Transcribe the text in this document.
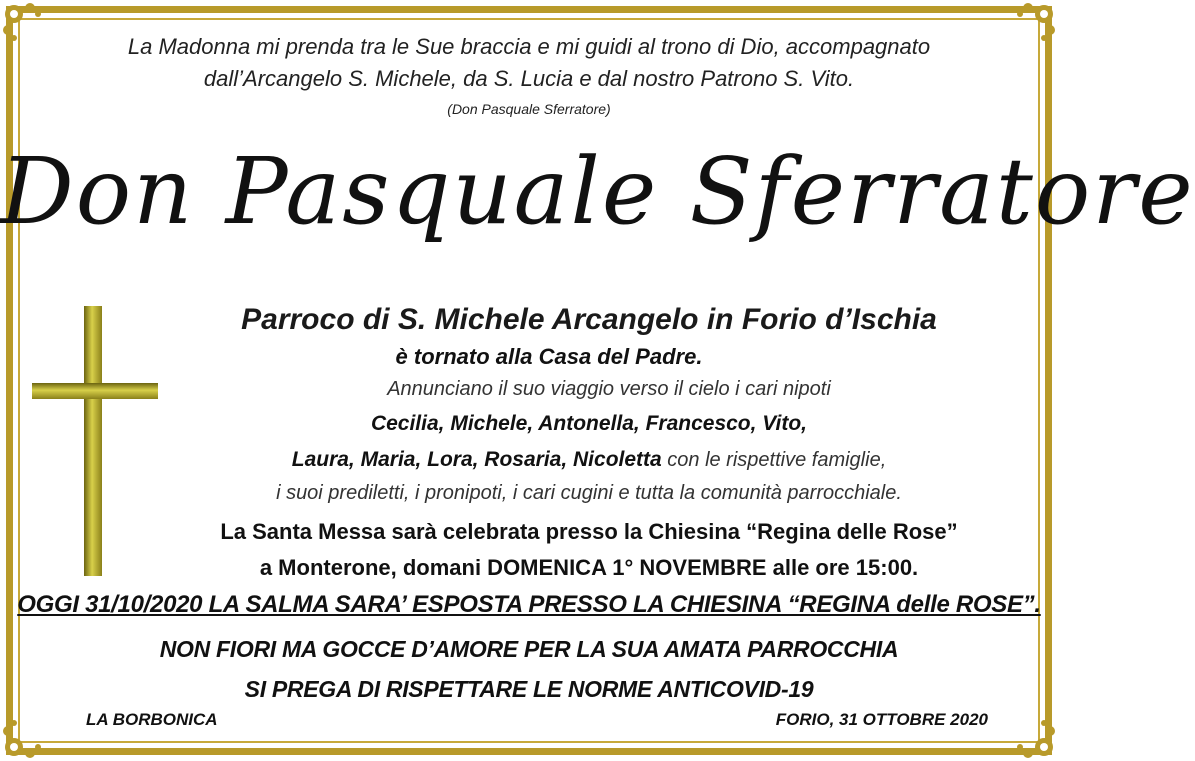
La Madonna mi prenda tra le Sue braccia e mi guidi al trono di Dio, accompagnato
dall’Arcangelo S. Michele, da S. Lucia e dal nostro Patrono S. Vito.
(Don Pasquale Sferratore)
Don Pasquale Sferratore
Parroco di S. Michele Arcangelo in Forio d’Ischia
è tornato alla Casa del Padre.
Annunciano il suo viaggio verso il cielo i cari nipoti
Cecilia, Michele, Antonella, Francesco, Vito,
Laura, Maria, Lora, Rosaria, Nicoletta con le rispettive famiglie,
i suoi prediletti, i pronipoti, i cari cugini e tutta la comunità parrocchiale.
La Santa Messa sarà celebrata presso la Chiesina “Regina delle Rose”
a Monterone, domani DOMENICA 1° NOVEMBRE alle ore 15:00.
OGGI 31/10/2020 LA SALMA SARA’ ESPOSTA PRESSO LA CHIESINA “REGINA delle ROSE”.
NON FIORI MA GOCCE D’AMORE PER LA SUA AMATA PARROCCHIA
SI PREGA DI RISPETTARE LE NORME ANTICOVID-19
LA BORBONICA	FORIO, 31 OTTOBRE 2020
